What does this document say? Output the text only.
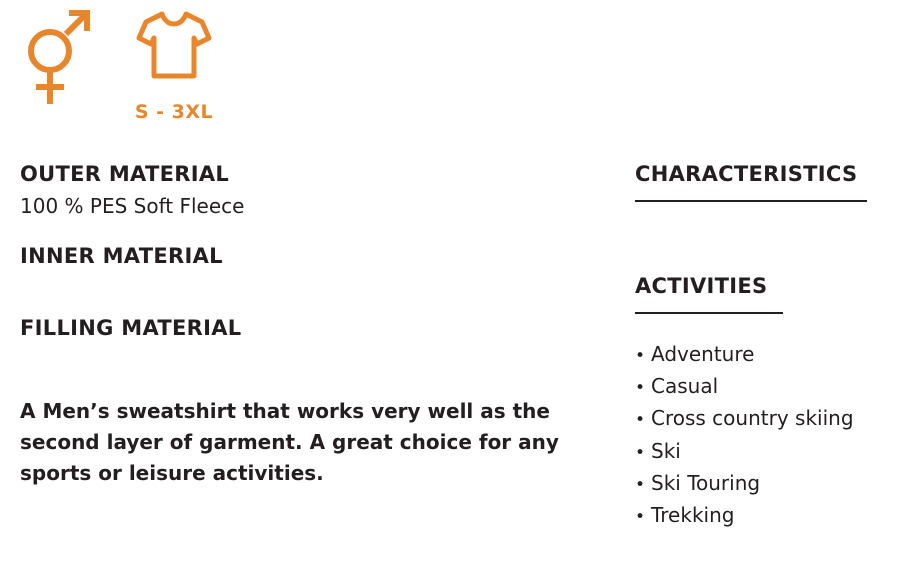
S - 3XL
OUTER MATERIAL
100 % PES Soft Fleece
INNER MATERIAL
FILLING MATERIAL
A Men’s sweatshirt that works very well as the second layer of garment. A great choice for any sports or leisure activities.
CHARACTERISTICS
ACTIVITIES
• Adventure
• Casual
• Cross country skiing
• Ski
• Ski Touring
• Trekking
